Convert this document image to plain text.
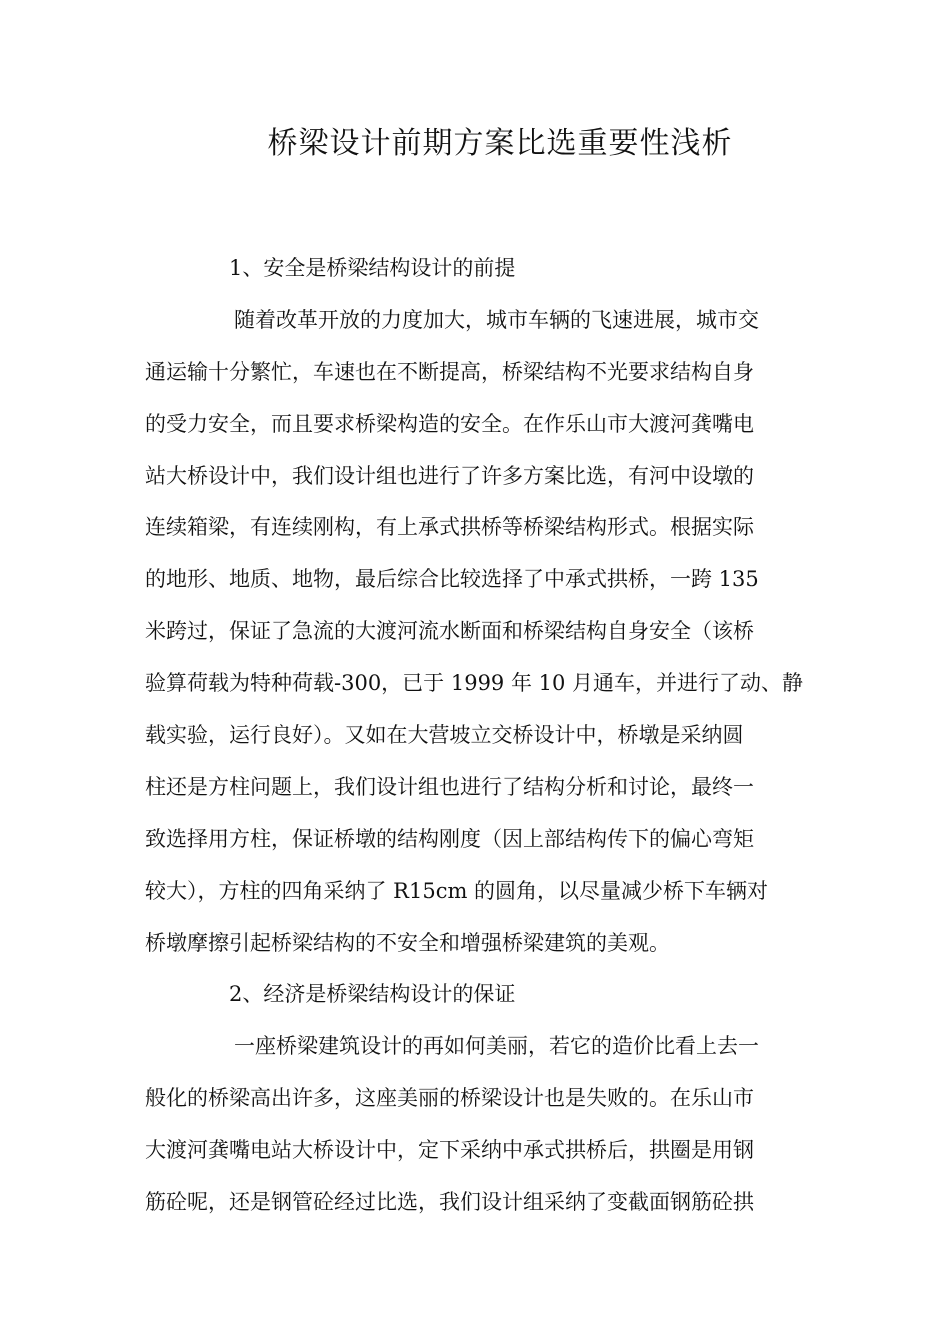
桥梁设计前期方案比选重要性浅析
1、安全是桥梁结构设计的前提
随着改革开放的力度加大，城市车辆的飞速进展，城市交
通运输十分繁忙，车速也在不断提高，桥梁结构不光要求结构自身
的受力安全，而且要求桥梁构造的安全。在作乐山市大渡河龚嘴电
站大桥设计中，我们设计组也进行了许多方案比选，有河中设墩的
连续箱梁，有连续刚构，有上承式拱桥等桥梁结构形式。根据实际
的地形、地质、地物，最后综合比较选择了中承式拱桥，一跨 135
米跨过，保证了急流的大渡河流水断面和桥梁结构自身安全（该桥
验算荷载为特种荷载-300，已于 1999 年 10 月通车，并进行了动、静
载实验，运行良好）。又如在大营坡立交桥设计中，桥墩是采纳圆
柱还是方柱问题上，我们设计组也进行了结构分析和讨论，最终一
致选择用方柱，保证桥墩的结构刚度（因上部结构传下的偏心弯矩
较大），方柱的四角采纳了 R15cm 的圆角，以尽量减少桥下车辆对
桥墩摩擦引起桥梁结构的不安全和增强桥梁建筑的美观。
2、经济是桥梁结构设计的保证
一座桥梁建筑设计的再如何美丽，若它的造价比看上去一
般化的桥梁高出许多，这座美丽的桥梁设计也是失败的。在乐山市
大渡河龚嘴电站大桥设计中，定下采纳中承式拱桥后，拱圈是用钢
筋砼呢，还是钢管砼经过比选，我们设计组采纳了变截面钢筋砼拱
